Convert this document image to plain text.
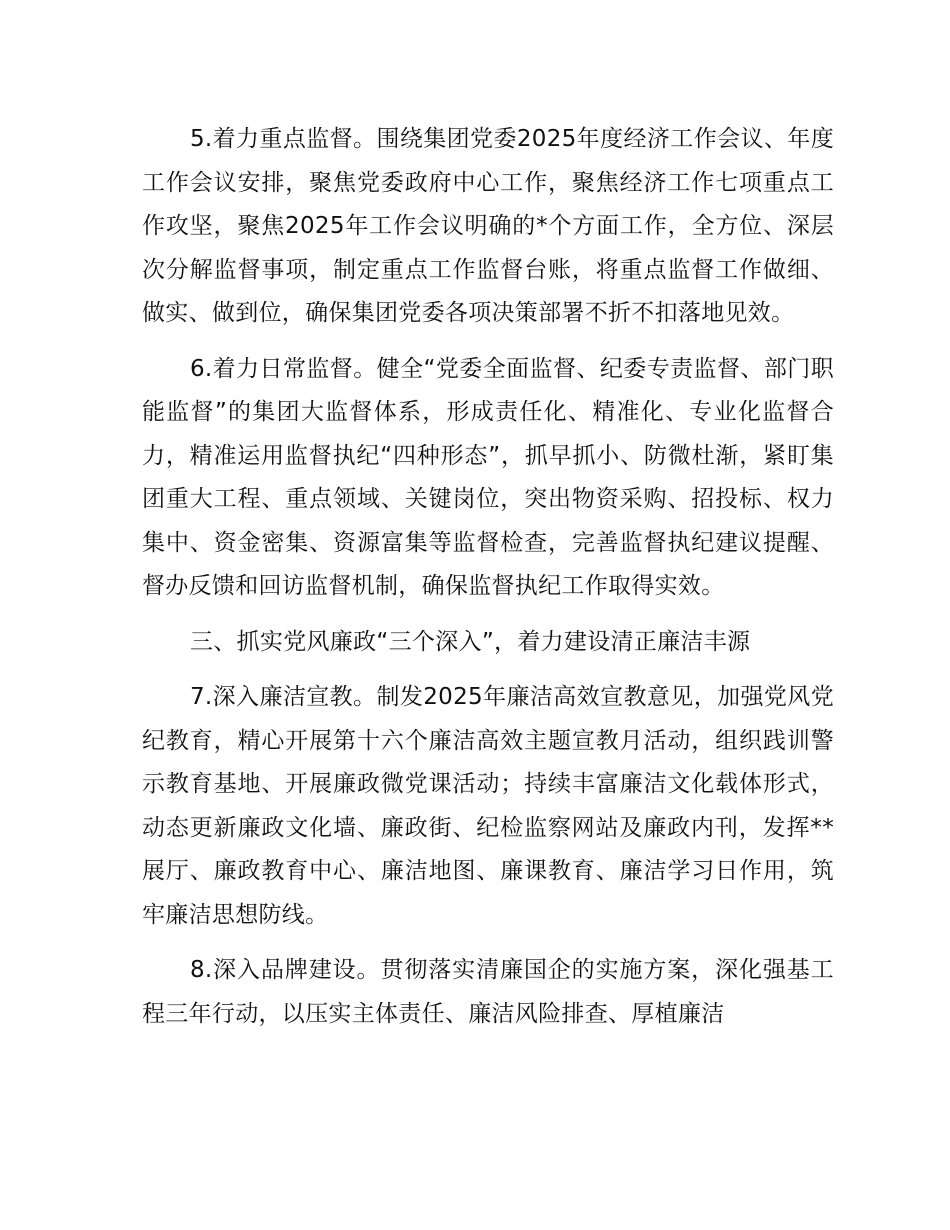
5.着力重点监督。围绕集团党委2025年度经济工作会议、年度工作会议安排，聚焦党委政府中心工作，聚焦经济工作七项重点工作攻坚，聚焦2025年工作会议明确的*个方面工作，全方位、深层次分解监督事项，制定重点工作监督台账，将重点监督工作做细、做实、做到位，确保集团党委各项决策部署不折不扣落地见效。

6.着力日常监督。健全“党委全面监督、纪委专责监督、部门职能监督”的集团大监督体系，形成责任化、精准化、专业化监督合力，精准运用监督执纪“四种形态”，抓早抓小、防微杜渐，紧盯集团重大工程、重点领域、关键岗位，突出物资采购、招投标、权力集中、资金密集、资源富集等监督检查，完善监督执纪建议提醒、督办反馈和回访监督机制，确保监督执纪工作取得实效。

三、抓实党风廉政“三个深入”，着力建设清正廉洁丰源

7.深入廉洁宣教。制发2025年廉洁高效宣教意见，加强党风党纪教育，精心开展第十六个廉洁高效主题宣教月活动，组织践训警示教育基地、开展廉政微党课活动；持续丰富廉洁文化载体形式，动态更新廉政文化墙、廉政街、纪检监察网站及廉政内刊，发挥**展厅、廉政教育中心、廉洁地图、廉课教育、廉洁学习日作用，筑牢廉洁思想防线。

8.深入品牌建设。贯彻落实清廉国企的实施方案，深化强基工程三年行动，以压实主体责任、廉洁风险排查、厚植廉洁
